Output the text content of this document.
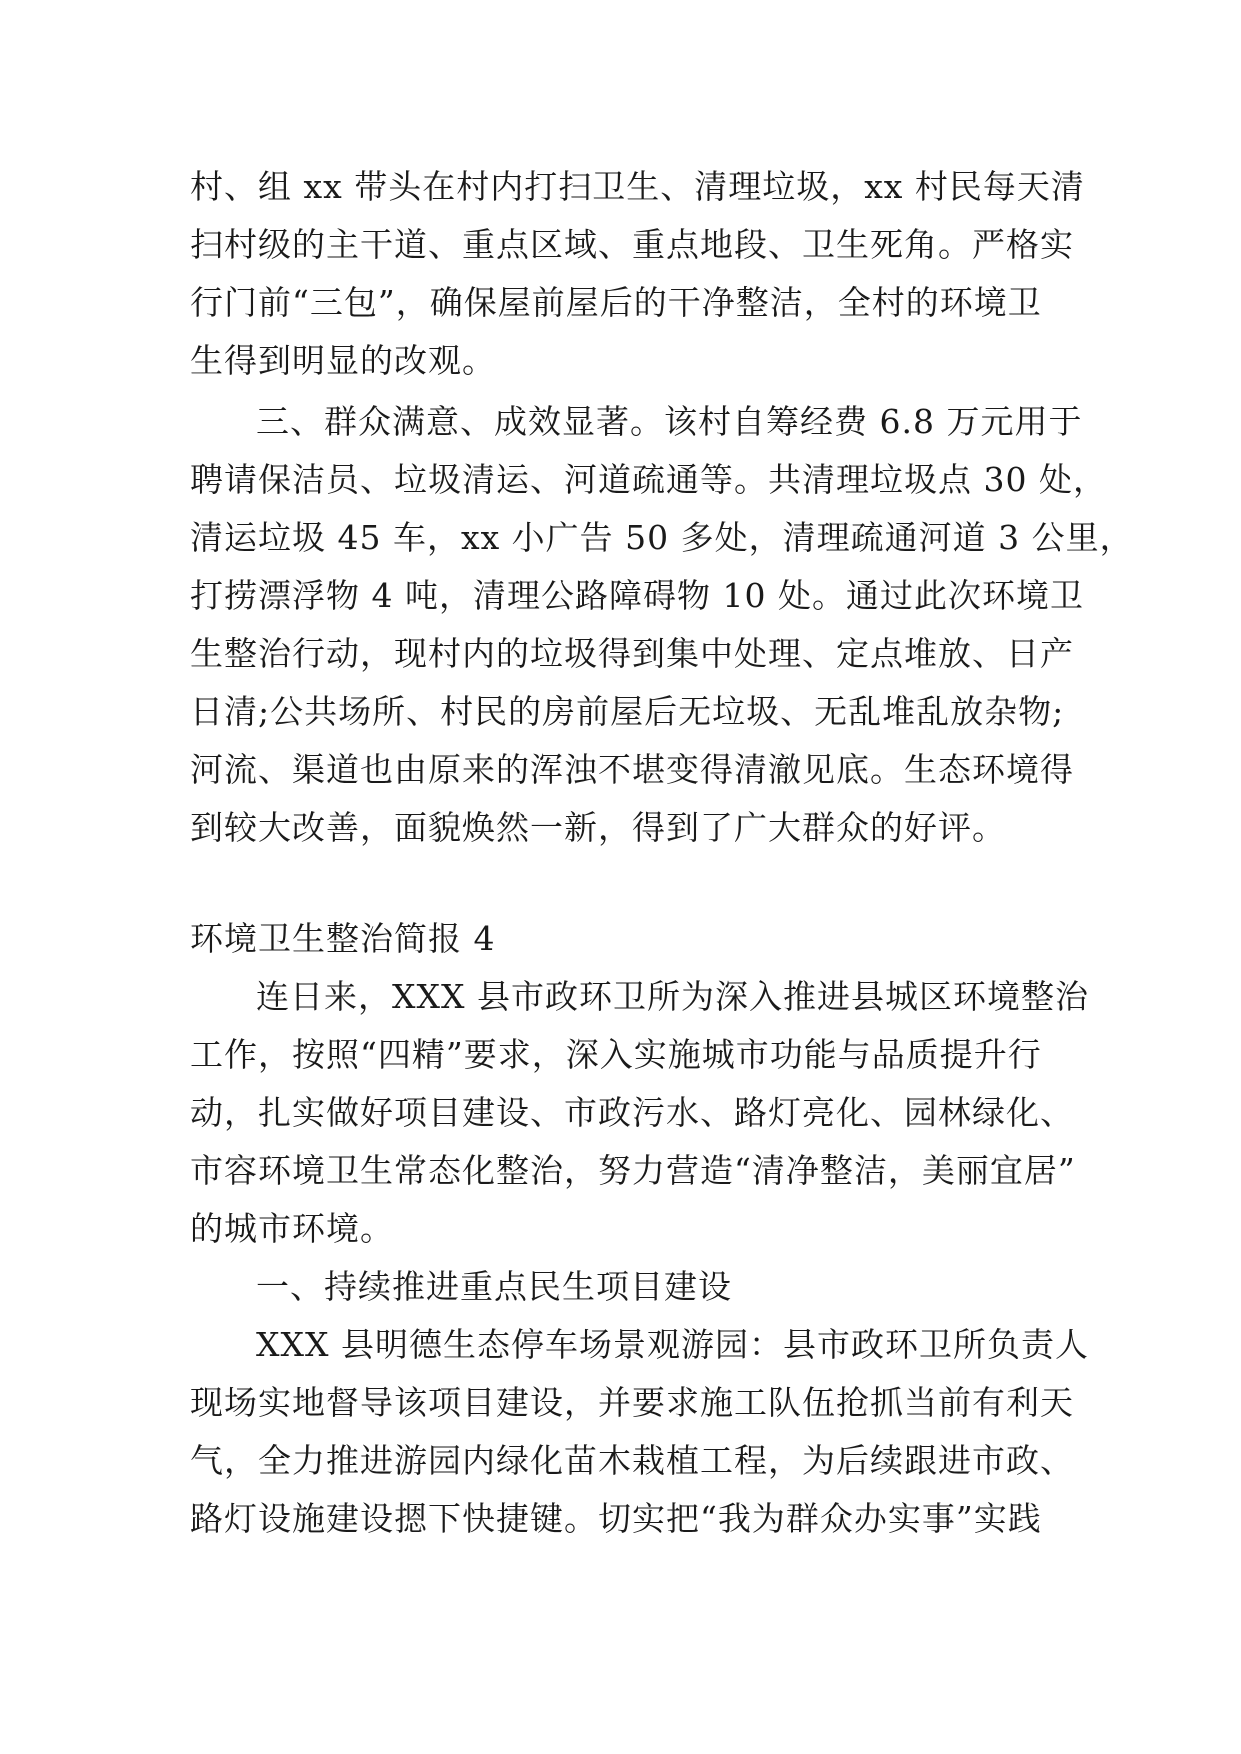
村、组 xx 带头在村内打扫卫生、清理垃圾，xx 村民每天清
扫村级的主干道、重点区域、重点地段、卫生死角。严格实
行门前“三包”，确保屋前屋后的干净整洁，全村的环境卫
生得到明显的改观。
三、群众满意、成效显著。该村自筹经费 6.8 万元用于
聘请保洁员、垃圾清运、河道疏通等。共清理垃圾点 30 处，
清运垃圾 45 车，xx 小广告 50 多处，清理疏通河道 3 公里，
打捞漂浮物 4 吨，清理公路障碍物 10 处。通过此次环境卫
生整治行动，现村内的垃圾得到集中处理、定点堆放、日产
日清;公共场所、村民的房前屋后无垃圾、无乱堆乱放杂物;
河流、渠道也由原来的浑浊不堪变得清澈见底。生态环境得
到较大改善，面貌焕然一新，得到了广大群众的好评。
环境卫生整治简报 4
连日来，XXX 县市政环卫所为深入推进县城区环境整治
工作，按照“四精”要求，深入实施城市功能与品质提升行
动，扎实做好项目建设、市政污水、路灯亮化、园林绿化、
市容环境卫生常态化整治，努力营造“清净整洁，美丽宜居”
的城市环境。
一、持续推进重点民生项目建设
XXX 县明德生态停车场景观游园：县市政环卫所负责人
现场实地督导该项目建设，并要求施工队伍抢抓当前有利天
气，全力推进游园内绿化苗木栽植工程，为后续跟进市政、
路灯设施建设摁下快捷键。切实把“我为群众办实事”实践
